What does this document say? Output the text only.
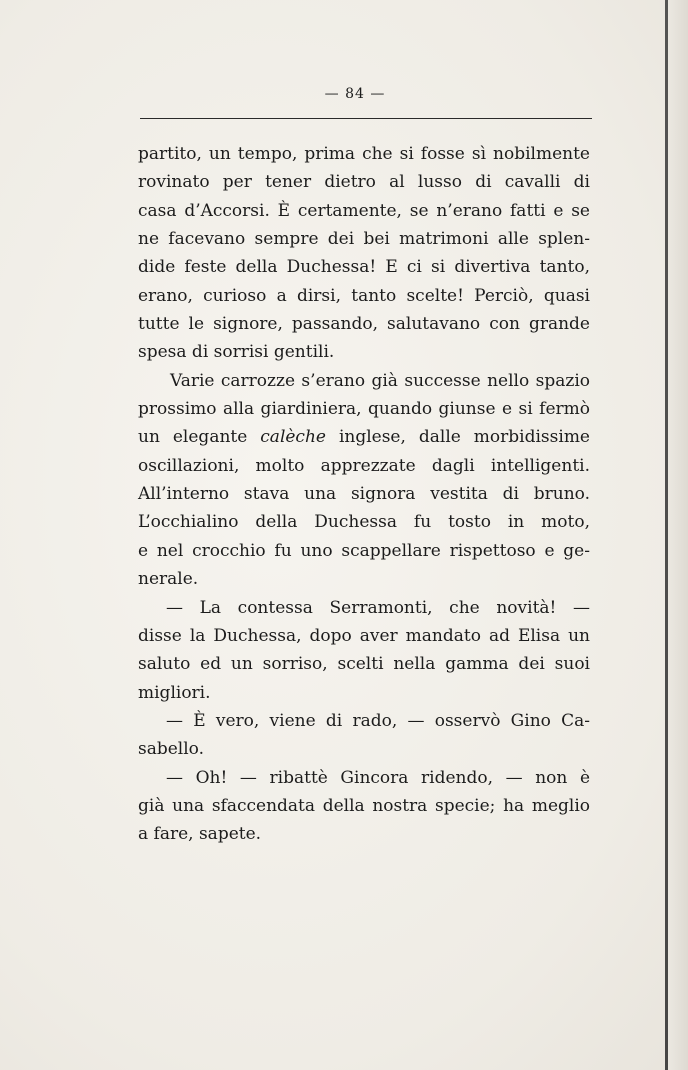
— 84 —
partito, un tempo, prima che si fosse sì nobilmente
rovinato per tener dietro al lusso di cavalli di
casa d’Accorsi. È certamente, se n’erano fatti e se
ne facevano sempre dei bei matrimoni alle splen-
dide feste della Duchessa! E ci si divertiva tanto,
erano, curioso a dirsi, tanto scelte! Perciò, quasi
tutte le signore, passando, salutavano con grande
spesa di sorrisi gentili.
Varie carrozze s’erano già successe nello spazio
prossimo alla giardiniera, quando giunse e si fermò
un elegante calèche inglese, dalle morbidissime
oscillazioni, molto apprezzate dagli intelligenti.
All’interno stava una signora vestita di bruno.
L’occhialino della Duchessa fu tosto in moto,
e nel crocchio fu uno scappellare rispettoso e ge-
nerale.
— La contessa Serramonti, che novità! —
disse la Duchessa, dopo aver mandato ad Elisa un
saluto ed un sorriso, scelti nella gamma dei suoi
migliori.
— È vero, viene di rado, — osservò Gino Ca-
sabello.
— Oh! — ribattè Gincora ridendo, — non è
già una sfaccendata della nostra specie; ha meglio
a fare, sapete.
